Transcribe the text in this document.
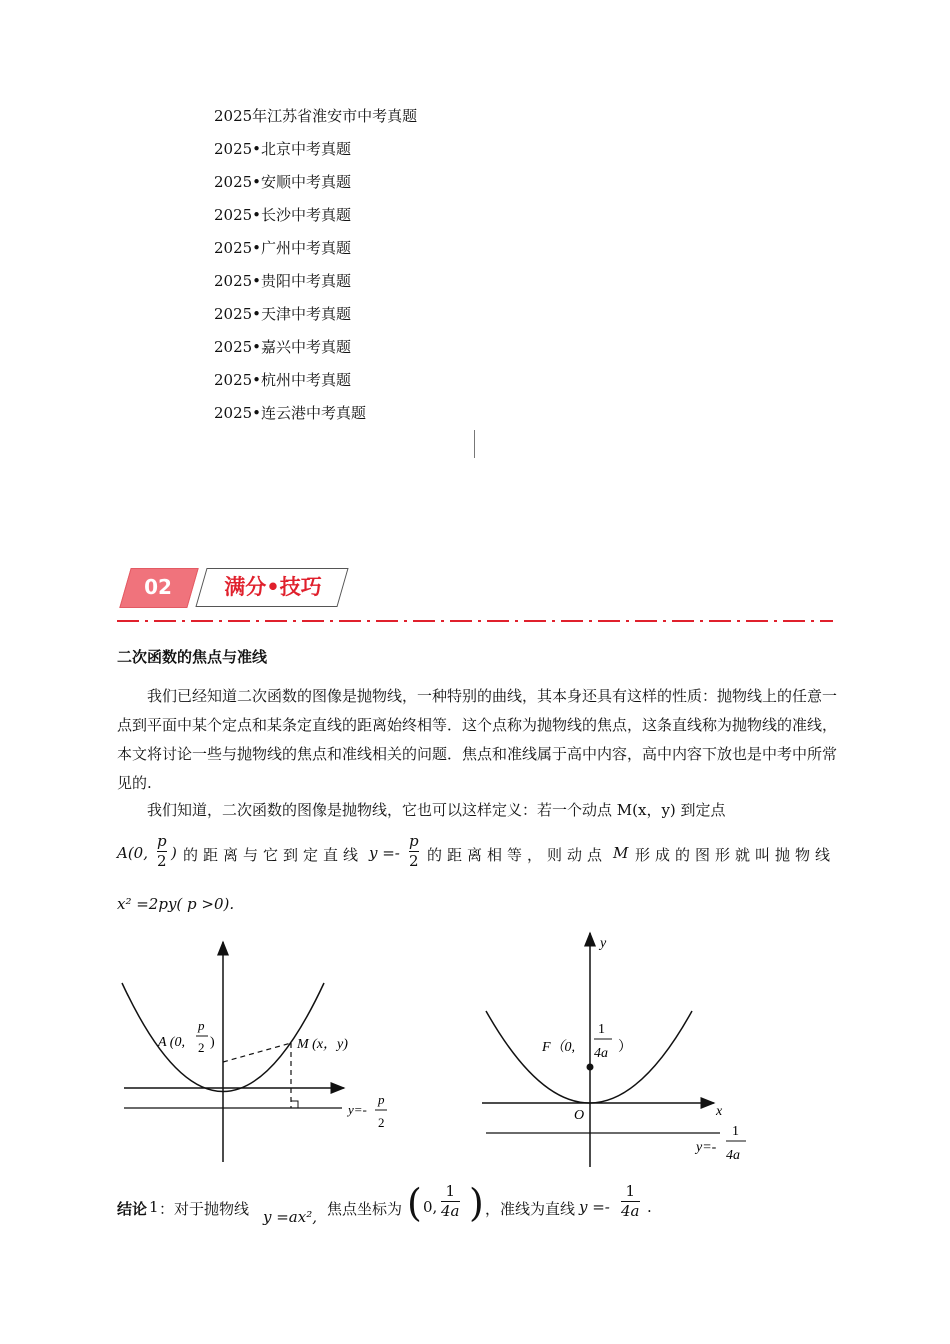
2025年江苏省淮安市中考真题
2025•北京中考真题
2025•安顺中考真题
2025•长沙中考真题
2025•广州中考真题
2025•贵阳中考真题
2025•天津中考真题
2025•嘉兴中考真题
2025•杭州中考真题
2025•连云港中考真题
02	满分•技巧
二次函数的焦点与准线
我们已经知道二次函数的图像是抛物线，一种特别的曲线，其本身还具有这样的性质：抛物线上的任意一点到平面中某个定点和某条定直线的距离始终相等．这个点称为抛物线的焦点，这条直线称为抛物线的准线，本文将讨论一些与抛物线的焦点和准线相关的问题．焦点和准线属于高中内容，高中内容下放也是中考中所常见的.
我们知道，二次函数的图像是抛物线，它也可以这样定义：若一个动点 M(x，y) 到定点
A(0,
p
2 ) 的距离与它到定直线 y =-
p
2 的距离相等，则动点 M 形成的图形就叫抛物线
x² =2py( p >0).
A (0,
p
2 )	M (x，y)
y=-
p
2
y
x
O
F（0,
1
4a ）
y=-
1
4a
结论 1 ：对于抛物线 y =ax², 焦点坐标为 ( 0,
1
4a ) ，准线为直线 y =-
1
4a .
